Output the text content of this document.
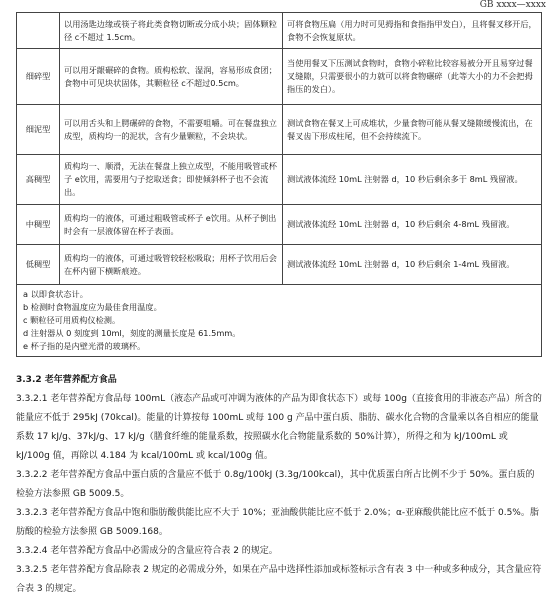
GB xxxx—xxxx
	以用汤匙边缘或筷子将此类食物切断或分成小块；固体颗粒径 c不超过 1.5cm。	可将食物压扁（用力时可见拇指和食指指甲发白），且将餐叉移开后，食物不会恢复原状。
细碎型	可以用牙龈碾碎的食物。质构松软、湿润，容易形成食团；食物中可见块状固体，其颗粒径 c不超过0.5cm。	当使用餐叉下压测试食物时，食物小碎粒比较容易被分开且易穿过餐叉缝隙，只需要很小的力就可以将食物碾碎（此等大小的力不会把拇指压的发白）。
细泥型	可以用舌头和上腭碾碎的食物，不需要咀嚼。可在餐盘独立成型，质构均一的泥状，含有少量颗粒，不会块状。	测试食物在餐叉上可成堆状，少量食物可能从餐叉缝隙缓慢流出，在餐叉齿下形成柱尾，但不会持续流下。
高稠型	质构均一、顺滑，无法在餐盘上独立成型，不能用吸管或杯子 e饮用，需要用勺子挖取送食；即使倾斜杯子也不会流出。	测试液体流经 10mL 注射器 d，10 秒后剩余多于 8mL 残留液。
中稠型	质构均一的液体，可通过粗吸管或杯子 e饮用。从杯子倒出时会有一层液体留在杯子表面。	测试液体流经 10mL 注射器 d，10 秒后剩余 4-8mL 残留液。
低稠型	质构均一的液体，可通过吸管较轻松吸取；用杯子饮用后会在杯内留下横断痕迹。	测试液体流经 10mL 注射器 d，10 秒后剩余 1-4mL 残留液。

a 以即食状态计。
b 检测时食物温度应为最佳食用温度。
c 颗粒径可用质构仪检测。
d 注射器从 0 刻度到 10ml，刻度的测量长度是 61.5mm。
e 杯子指的是内壁光滑的玻璃杯。		

3.3.2 老年营养配方食品

3.3.2.1 老年营养配方食品每 100mL（液态产品或可冲调为液体的产品为即食状态下）或每 100g（直接食用的非液态产品）所含的能量应不低于 295kJ (70kcal)。能量的计算按每 100mL 或每 100 g 产品中蛋白质、脂肪、碳水化合物的含量乘以各自相应的能量系数 17 kJ/g、37kJ/g、17 kJ/g（膳食纤维的能量系数，按照碳水化合物能量系数的 50%计算），所得之和为 kJ/100mL 或 kJ/100g 值，再除以 4.184 为 kcal/100mL 或 kcal/100g 值。

3.3.2.2 老年营养配方食品中蛋白质的含量应不低于 0.8g/100kJ (3.3g/100kcal)，其中优质蛋白所占比例不少于 50%。蛋白质的检验方法参照 GB 5009.5。

3.3.2.3 老年营养配方食品中饱和脂肪酸供能比应不大于 10%；亚油酸供能比应不低于 2.0%；α-亚麻酸供能比应不低于 0.5%。脂肪酸的检验方法参照 GB 5009.168。

3.3.2.4 老年营养配方食品中必需成分的含量应符合表 2 的规定。

3.3.2.5 老年营养配方食品除表 2 规定的必需成分外，如果在产品中选择性添加或标签标示含有表 3 中一种或多种成分，其含量应符合表 3 的规定。
